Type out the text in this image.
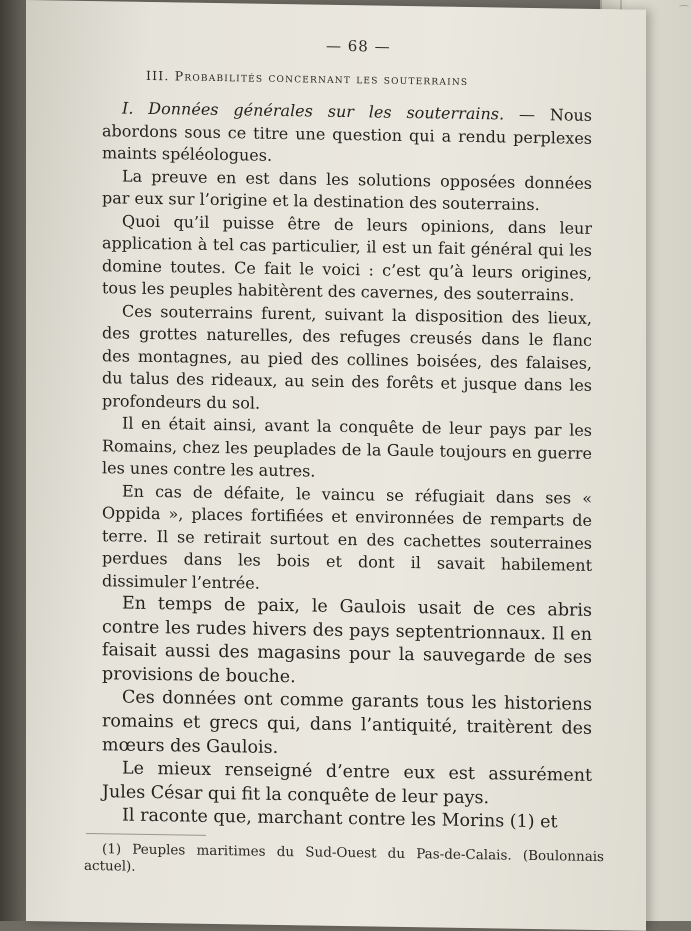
⌒
— 68 —
III. Probabilités concernant les souterrains

I. Données générales sur les souterrains. — Nous abordons sous ce titre une question qui a rendu perplexes maints spéléologues.

La preuve en est dans les solutions opposées données par eux sur l’origine et la destination des souterrains.

Quoi qu’il puisse être de leurs opinions, dans leur application à tel cas particulier, il est un fait général qui les domine toutes. Ce fait le voici : c’est qu’à leurs origines, tous les peuples habitèrent des cavernes, des souterrains.

Ces souterrains furent, suivant la disposition des lieux, des grottes naturelles, des refuges creusés dans le flanc des montagnes, au pied des collines boisées, des falaises, du talus des rideaux, au sein des forêts et jusque dans les profondeurs du sol.

Il en était ainsi, avant la conquête de leur pays par les Romains, chez les peuplades de la Gaule toujours en guerre les unes contre les autres.

En cas de défaite, le vaincu se réfugiait dans ses « Oppida », places fortifiées et environnées de remparts de terre. Il se retirait surtout en des cachettes souterraines perdues dans les bois et dont il savait habilement dissimuler l’entrée.

En temps de paix, le Gaulois usait de ces abris contre les rudes hivers des pays septentrionnaux. Il en faisait aussi des magasins pour la sauvegarde de ses provisions de bouche.

Ces données ont comme garants tous les historiens romains et grecs qui, dans l’antiquité, traitèrent des mœurs des Gaulois.

Le mieux renseigné d’entre eux est assurément Jules César qui fit la conquête de leur pays.

Il raconte que, marchant contre les Morins (1) et

(1) Peuples maritimes du Sud-Ouest du Pas-de-Calais. (Boulonnais actuel).
